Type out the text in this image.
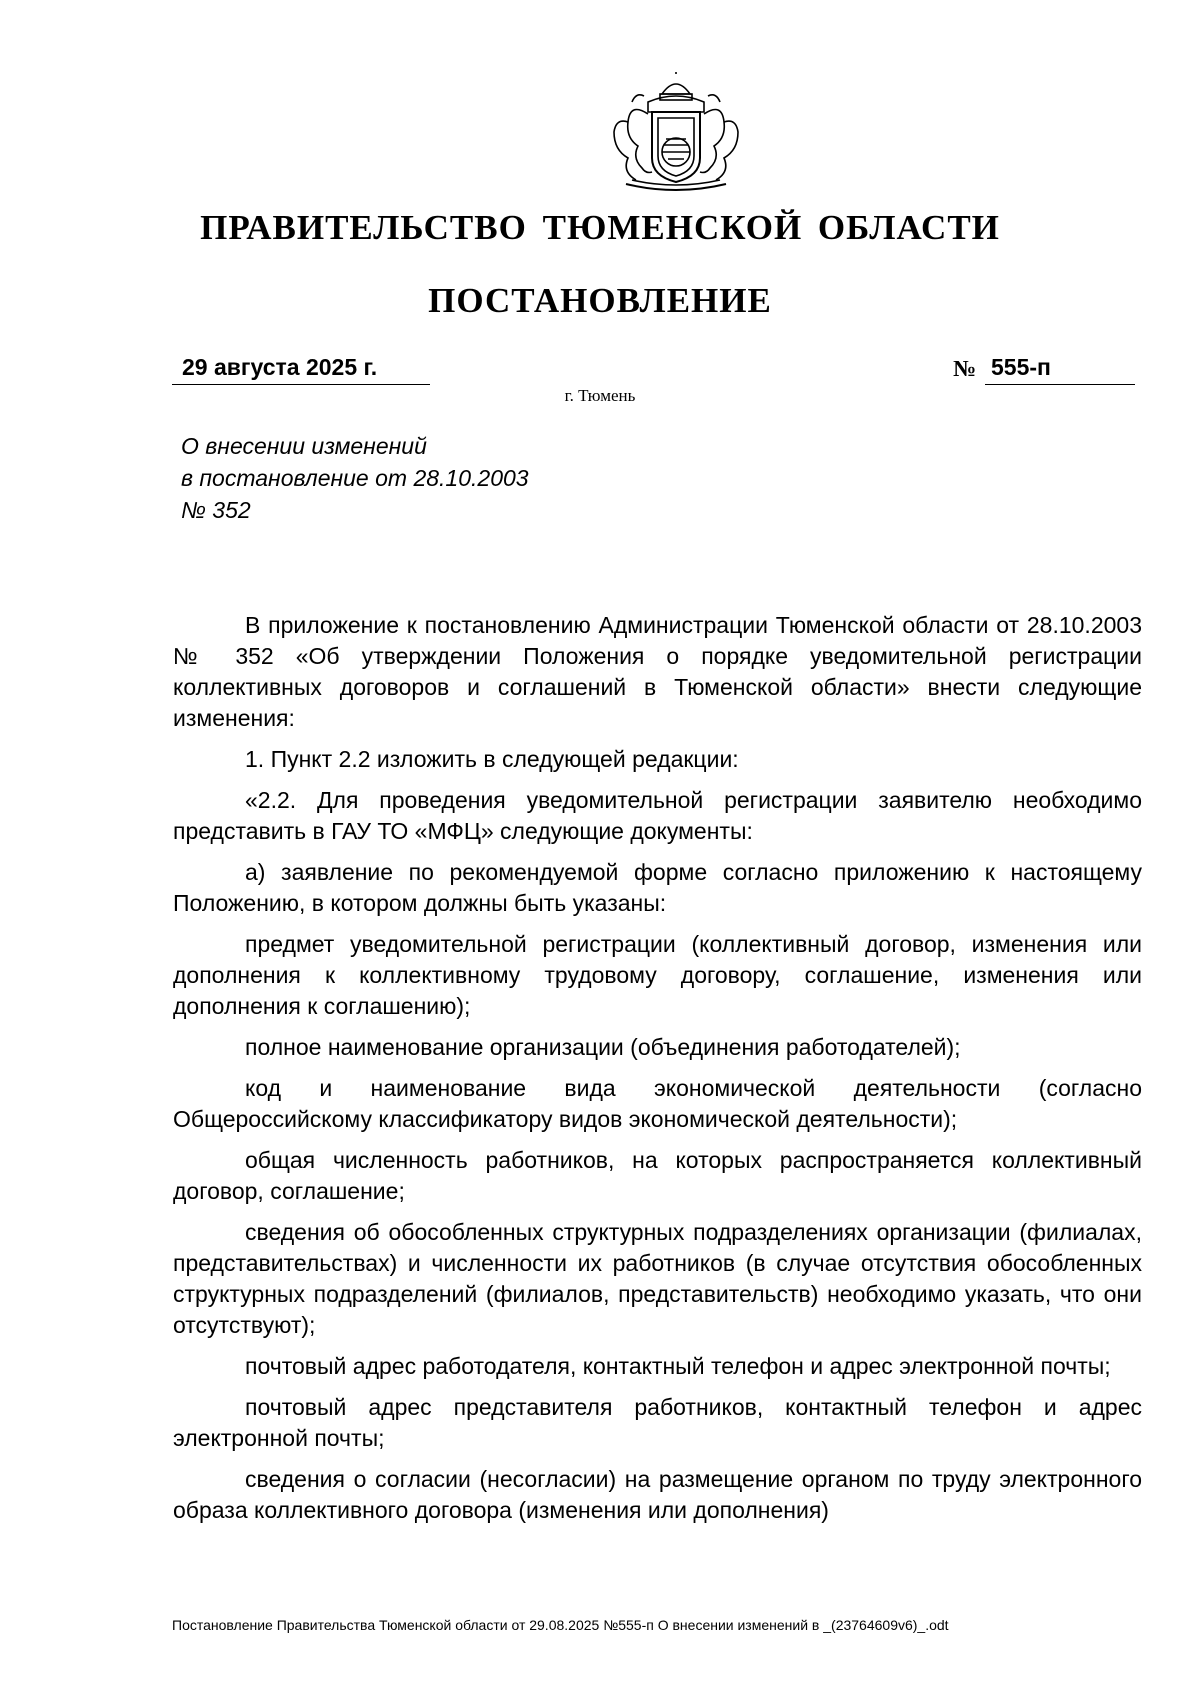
ПРАВИТЕЛЬСТВО ТЮМЕНСКОЙ ОБЛАСТИ
ПОСТАНОВЛЕНИЕ
29 августа 2025 г.	№ 555-п
г. Тюмень
О внесении изменений
в постановление от 28.10.2003
№ 352

В приложение к постановлению Администрации Тюменской области от 28.10.2003 № 352 «Об утверждении Положения о порядке уведомительной регистрации коллективных договоров и соглашений в Тюменской области» внести следующие изменения:

1. Пункт 2.2 изложить в следующей редакции:

«2.2. Для проведения уведомительной регистрации заявителю необходимо представить в ГАУ ТО «МФЦ» следующие документы:

а) заявление по рекомендуемой форме согласно приложению к настоящему Положению, в котором должны быть указаны:

предмет уведомительной регистрации (коллективный договор, изменения или дополнения к коллективному трудовому договору, соглашение, изменения или дополнения к соглашению);

полное наименование организации (объединения работодателей);

код и наименование вида экономической деятельности (согласно Общероссийскому классификатору видов экономической деятельности);

общая численность работников, на которых распространяется коллективный договор, соглашение;

сведения об обособленных структурных подразделениях организации (филиалах, представительствах) и численности их работников (в случае отсутствия обособленных структурных подразделений (филиалов, представительств) необходимо указать, что они отсутствуют);

почтовый адрес работодателя, контактный телефон и адрес электронной почты;

почтовый адрес представителя работников, контактный телефон и адрес электронной почты;

сведения о согласии (несогласии) на размещение органом по труду электронного образа коллективного договора (изменения или дополнения)

Постановление Правительства Тюменской области от 29.08.2025 №555-п О внесении изменений в _(23764609v6)_.odt
